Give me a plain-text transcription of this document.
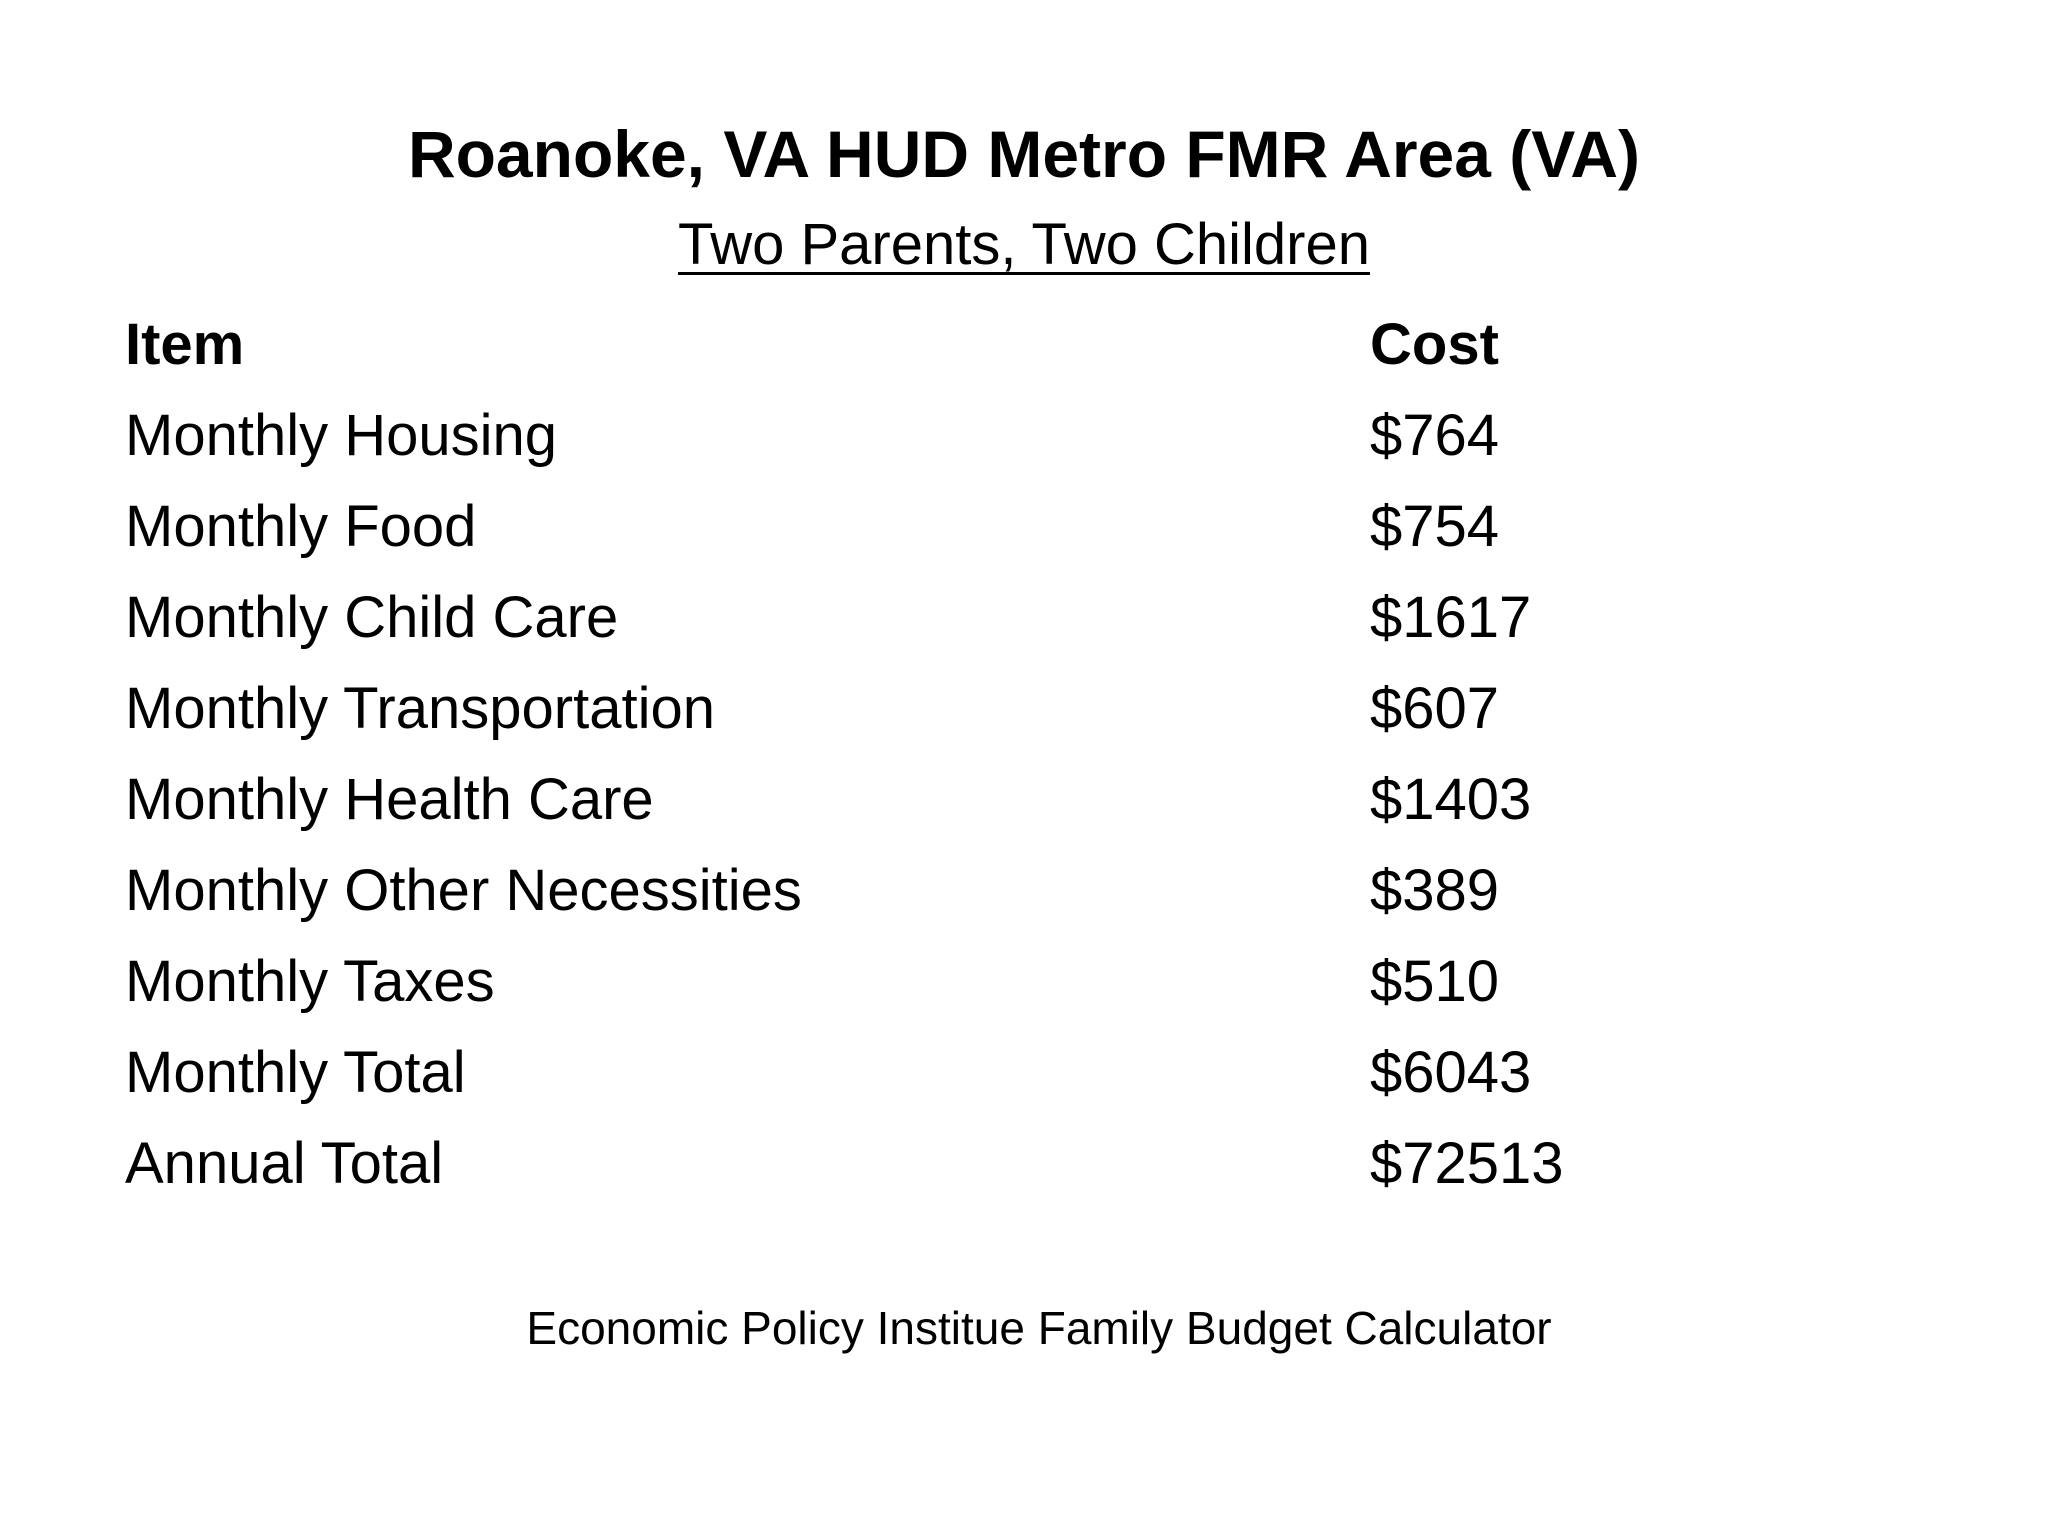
Roanoke, VA HUD Metro FMR Area (VA)
Two Parents, Two Children
Item	Cost
Monthly Housing	$764
Monthly Food	$754
Monthly Child Care	$1617
Monthly Transportation	$607
Monthly Health Care	$1403
Monthly Other Necessities	$389
Monthly Taxes	$510
Monthly Total	$6043
Annual Total	$72513
Economic Policy Institue Family Budget Calculator
